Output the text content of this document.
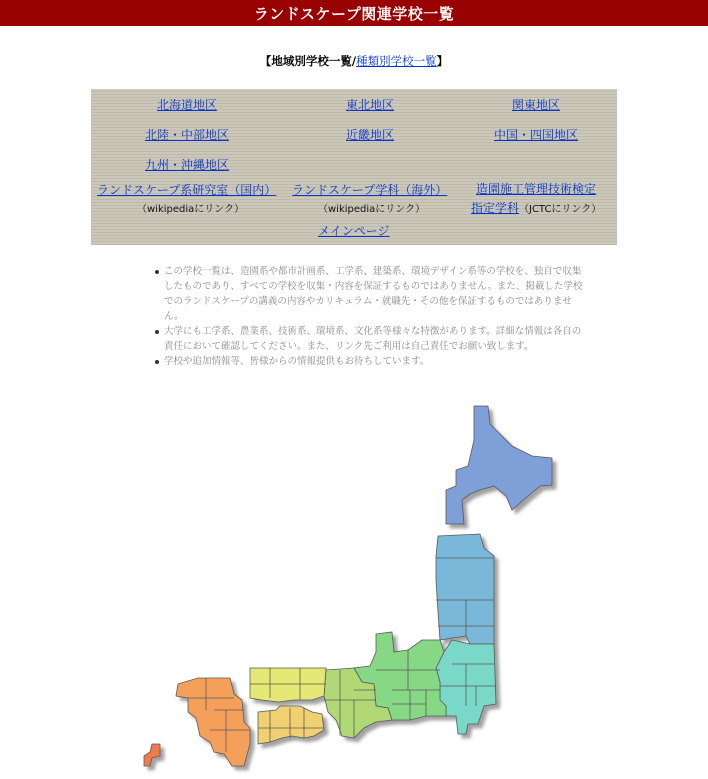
ランドスケープ関連学校一覧
【地域別学校一覧/種類別学校一覧】
北海道地区	東北地区	関東地区
北陸・中部地区	近畿地区	中国・四国地区
九州・沖縄地区
ランドスケープ系研究室（国内）
（wikipediaにリンク）
ランドスケープ学科（海外）
（wikipediaにリンク）
造園施工管理技術検定
指定学科 （JCTCにリンク）
メインページ
この学校一覧は、造園系や都市計画系、工学系、建築系、環境デザイン系等の学校を、独自で収集したものであり、すべての学校を収集・内容を保証するものではありません。また、掲載した学校でのランドスケープの講義の内容やカリキュラム・就職先・その他を保証するものではありません。
大学にも工学系、農業系、技術系、環境系、文化系等様々な特徴があります。詳細な情報は各自の責任において確認してください。また、リンク先ご利用は自己責任でお願い致します。
学校や追加情報等、皆様からの情報提供もお待ちしています。
